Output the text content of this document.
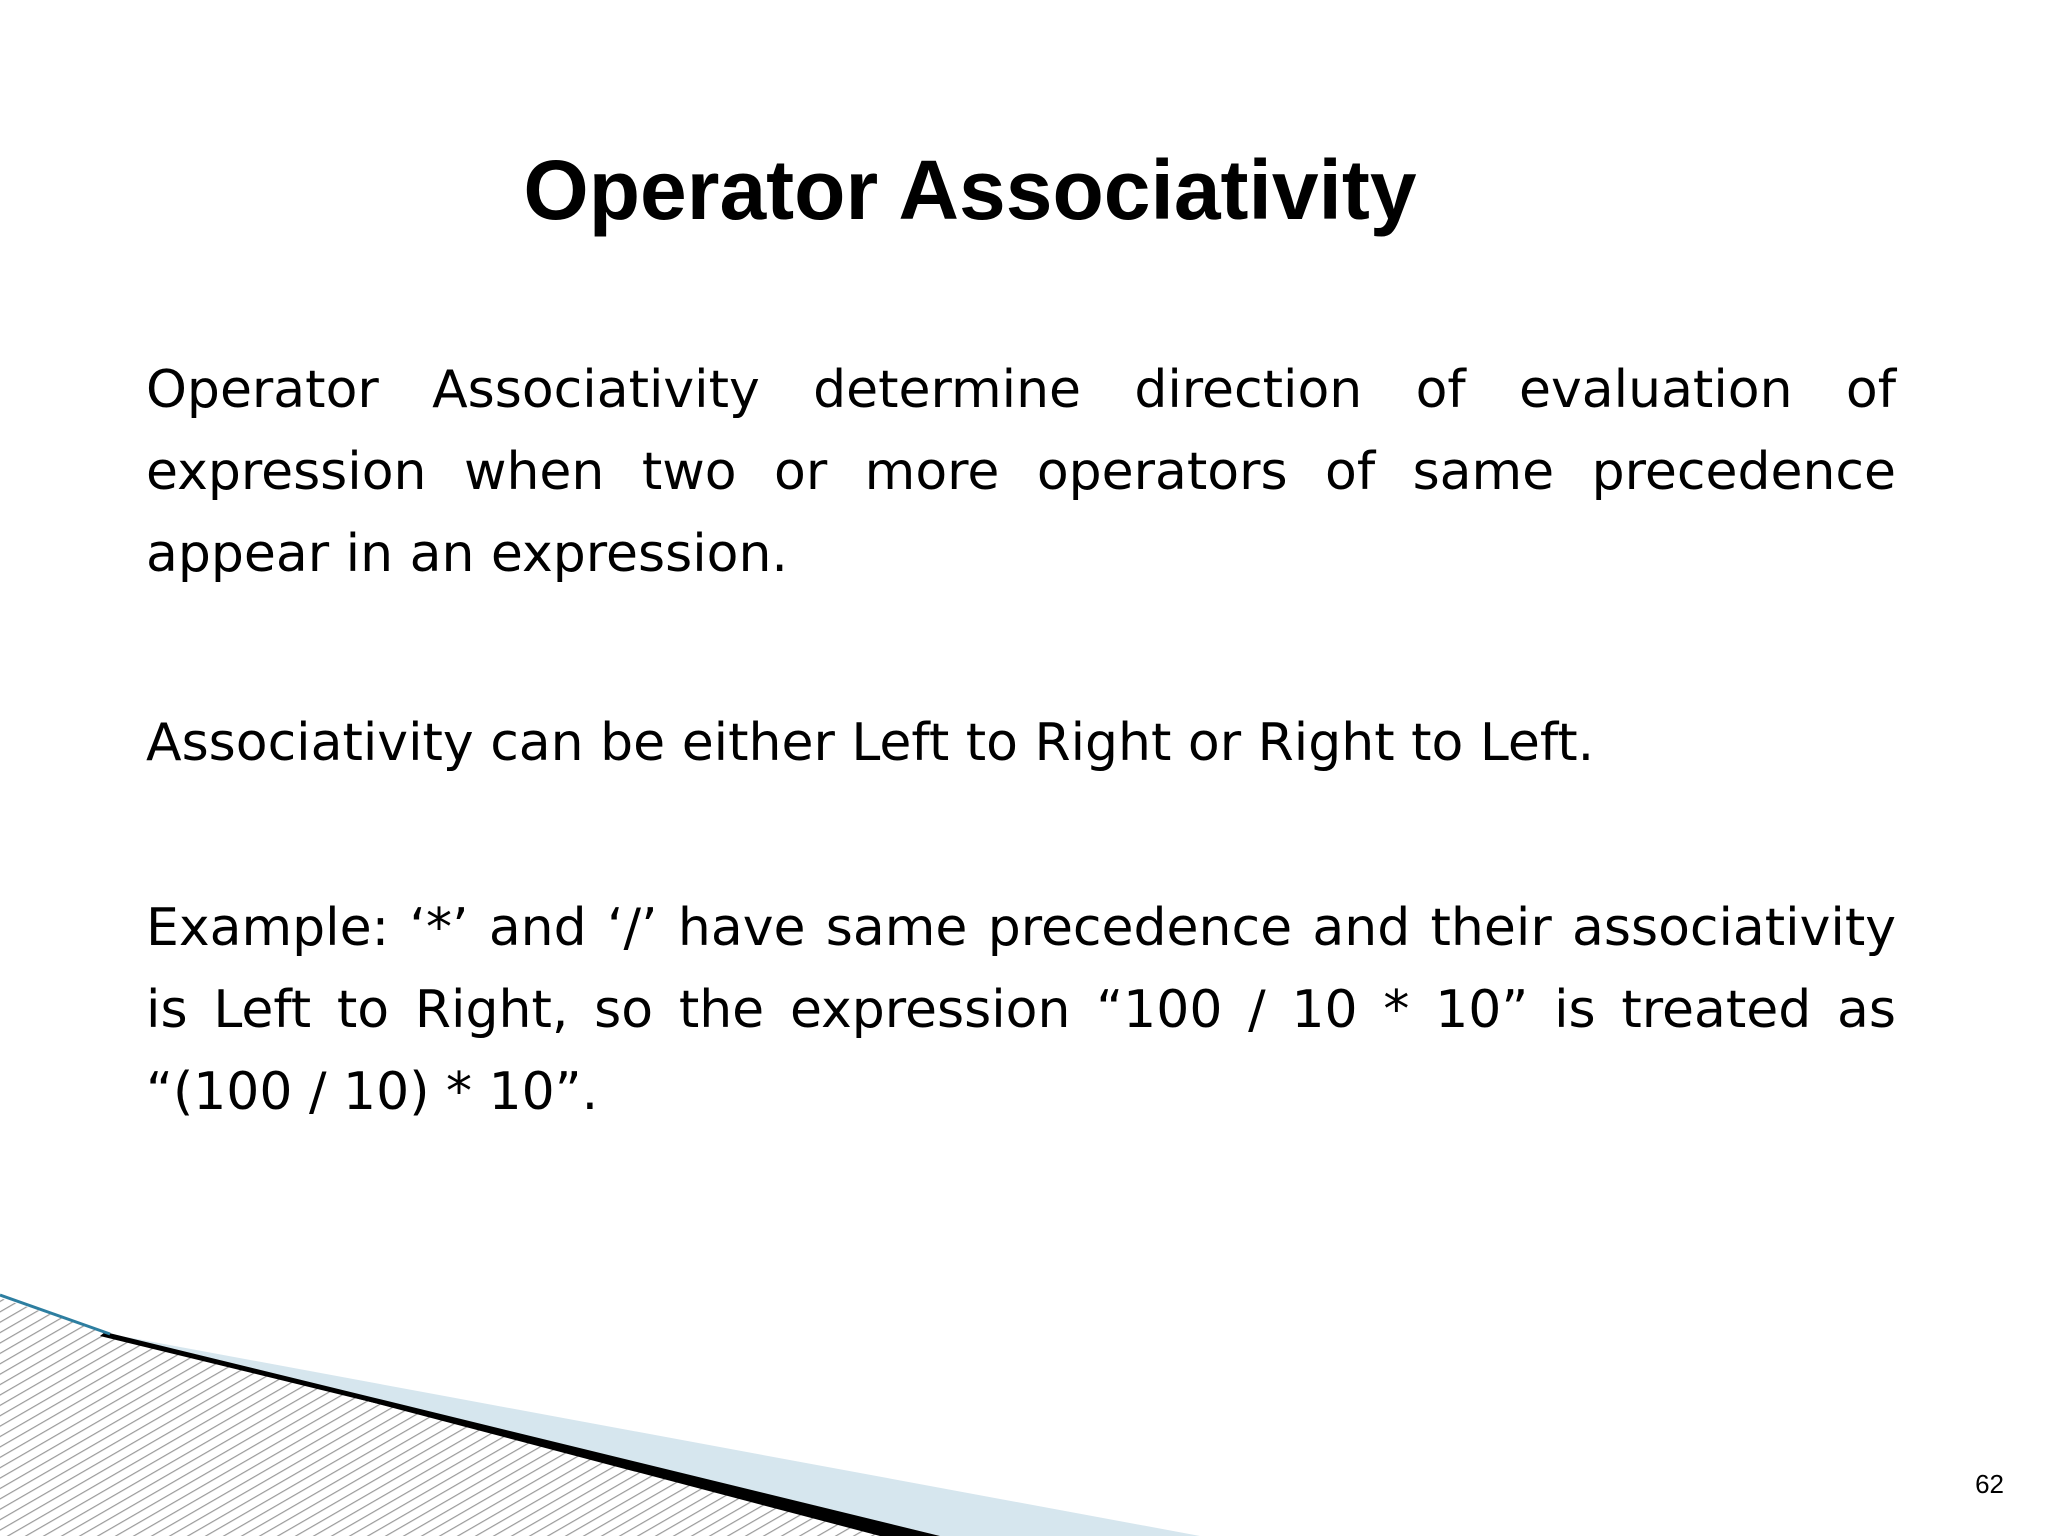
Operator Associativity

Operator Associativity determine direction of evaluation of expression when two or more operators of same precedence appear in an expression.

Associativity can be either Left to Right or Right to Left.

Example: ‘*’ and ‘/’ have same precedence and their associativity is Left to Right, so the expression “100 / 10 * 10” is treated as “(100 / 10) * 10”.

62
